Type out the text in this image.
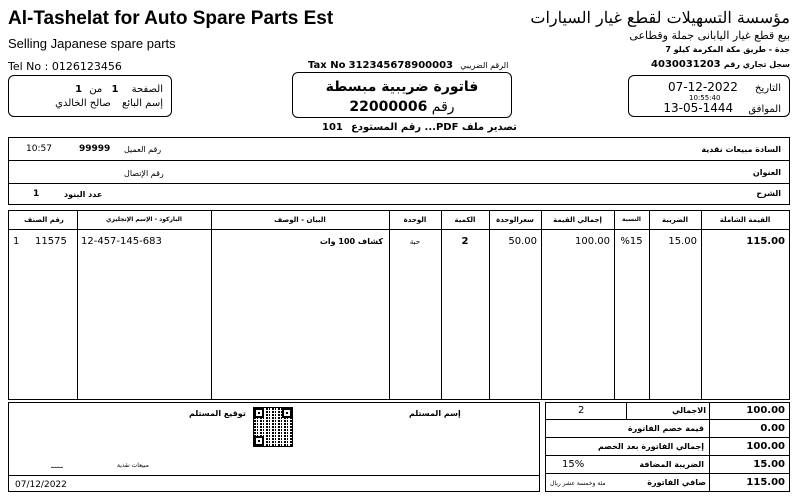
Al-Tashelat for Auto Spare Parts Est
Selling Japanese spare parts
Tel No : 0126123456
مؤسسة التسهيلات لقطع غيار السيارات
بيع قطع غيار اليابانى جملة وقطاعى
جدة - طريق مكة المكرمة كيلو 7
سجل تجاري رقم 4030031203
Tax No 312345678900003 الرقم الضريبي
الصفحة 1 من 1
إسم البائع صالح الخالدي
فاتورة ضريبية مبسطة
رقم 22000006
تصدير ملف PDF... رقم المستودع 101
التاريخ 2022-12-07
10:55:40
الموافق 1444-05-13
10:57	99999 رقم العميل	السادة مبيعات نقدية
رقم الإتصال	العنوان
عدد البنود
1	الشرح
رقم الصنف	الباركود - الإسم الإنجليزي	البيان - الوصف	الوحدة	الكمية	سعرالوحدة	إجمالي القيمة	النسبة	الضريبة	القيمة الشاملة
1 11575 12-457-145-683	كشاف 100 وات	حبة	2	50.00	100.00	%15	15.00	115.00
توقيع المستلم	إسم المستلم
مبيعات نقدية
___
07/12/2022
2	الاجمالي	100.00
قيمة خصم الفاتورة	0.00
إجمالي الفاتورة بعد الخصم	100.00
15%	الضريبة المضافة	15.00
مئة وخمسة عشر ريال	صافي الفاتورة	115.00
